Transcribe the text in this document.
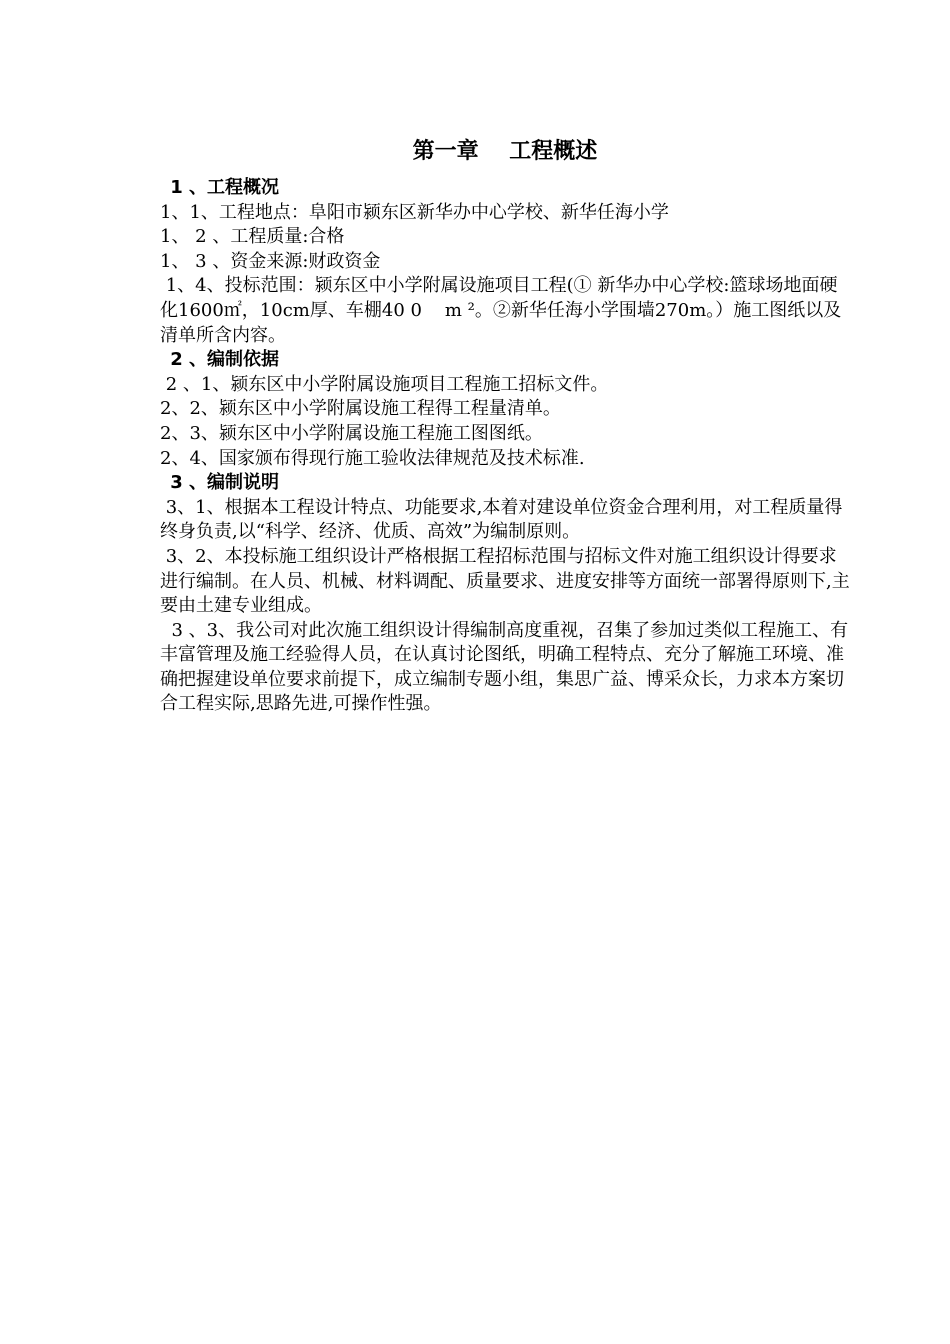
第一章    工程概述
1 、工程概况

1、1、工程地点：阜阳市颍东区新华办中心学校、新华任海小学

1、 2 、工程质量:合格

1、 3 、资金来源:财政资金

1、4、投标范围：颍东区中小学附属设施项目工程(① 新华办中心学校:篮球场地面硬化1600㎡，10cm厚、车棚40 0    m ²。②新华任海小学围墙270m。）施工图纸以及清单所含内容。

2 、编制依据

2 、1、颍东区中小学附属设施项目工程施工招标文件。

2、2、颍东区中小学附属设施工程得工程量清单。

2、3、颍东区中小学附属设施工程施工图图纸。

2、4、国家颁布得现行施工验收法律规范及技术标准.

3 、编制说明

3、1、根据本工程设计特点、功能要求,本着对建设单位资金合理利用，对工程质量得终身负责,以“科学、经济、优质、高效”为编制原则。

3、2、本投标施工组织设计严格根据工程招标范围与招标文件对施工组织设计得要求进行编制。在人员、机械、材料调配、质量要求、进度安排等方面统一部署得原则下,主要由土建专业组成。

3 、3、我公司对此次施工组织设计得编制高度重视，召集了参加过类似工程施工、有丰富管理及施工经验得人员，在认真讨论图纸，明确工程特点、充分了解施工环境、准确把握建设单位要求前提下，成立编制专题小组，集思广益、博采众长，力求本方案切合工程实际,思路先进,可操作性强。
